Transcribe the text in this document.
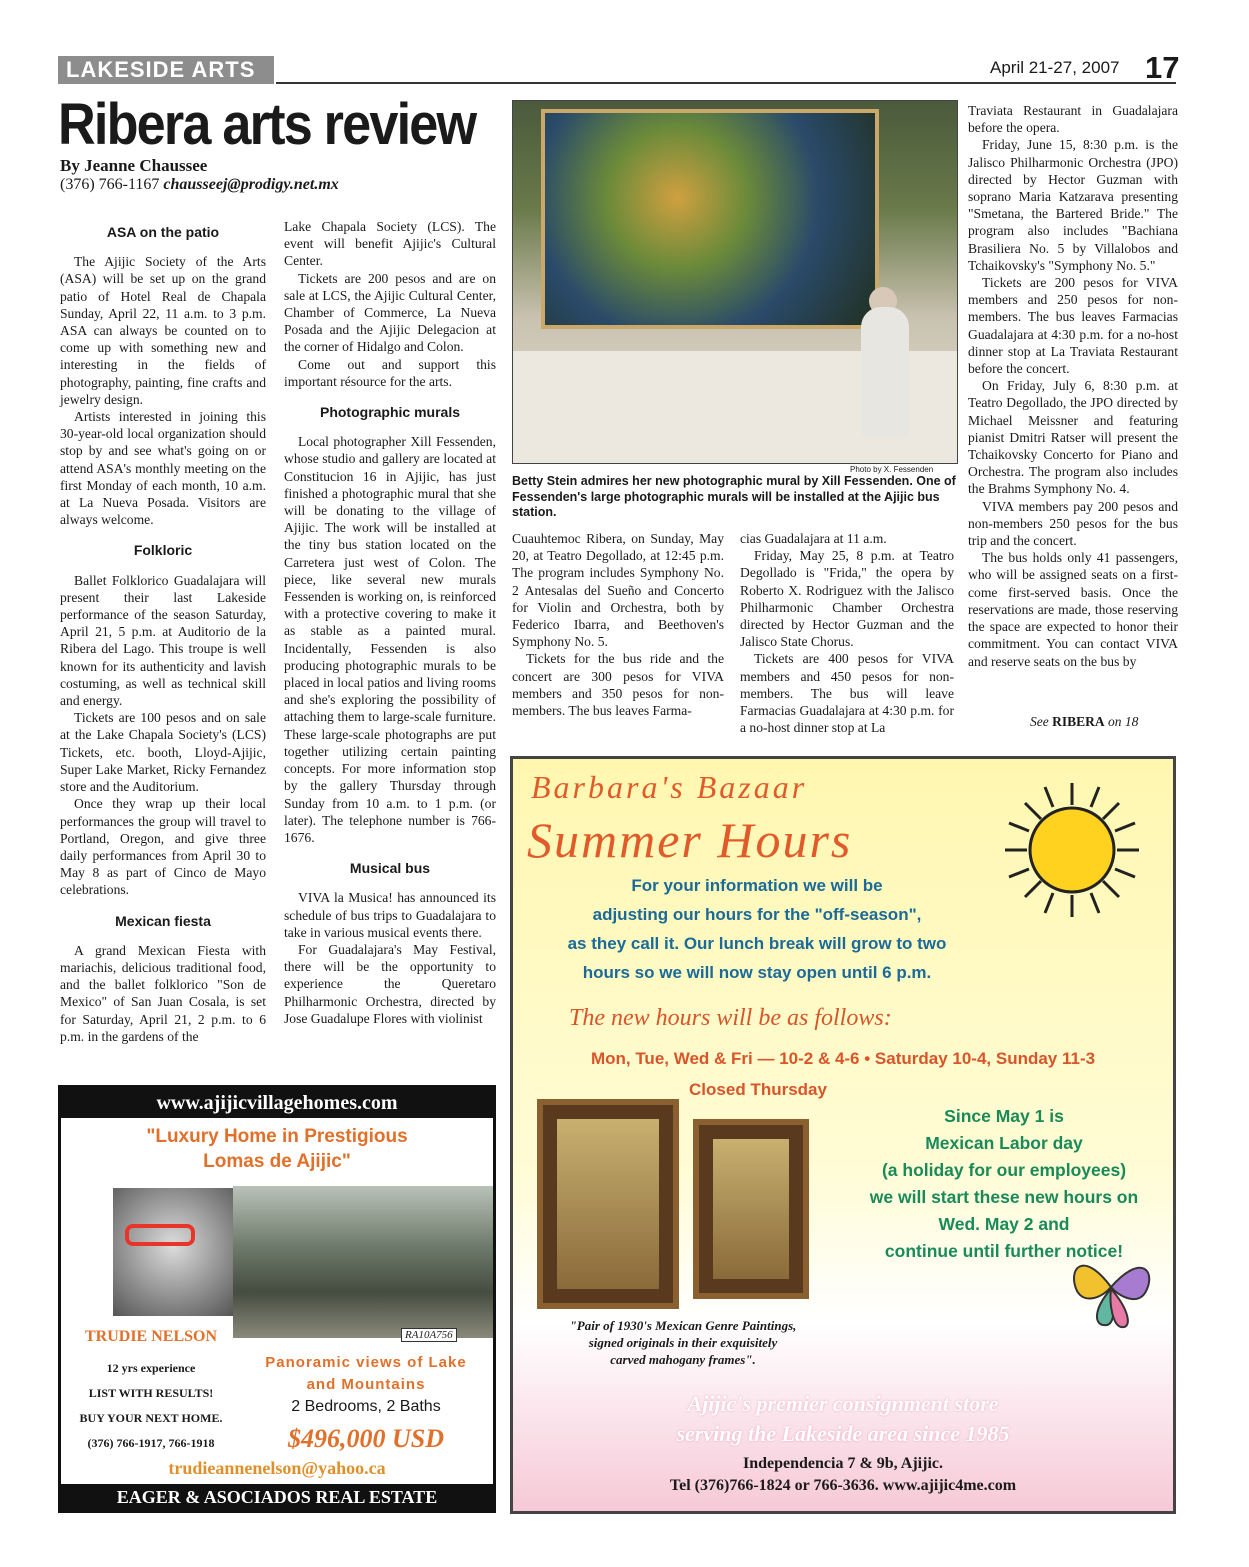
LAKESIDE ARTS	April 21-27, 2007 17
Ribera arts review
By Jeanne Chaussee
(376) 766-1167 chausseej@prodigy.net.mx
ASA on the patio

The Ajijic Society of the Arts (ASA) will be set up on the grand patio of Hotel Real de Chapala Sunday, April 22, 11 a.m. to 3 p.m. ASA can always be counted on to come up with something new and interesting in the fields of photography, painting, fine crafts and jewelry design.

Artists interested in joining this 30-year-old local organization should stop by and see what's going on or attend ASA's monthly meeting on the first Monday of each month, 10 a.m. at La Nueva Posada. Visitors are always welcome.

Folkloric

Ballet Folklorico Guadalajara will present their last Lakeside performance of the season Saturday, April 21, 5 p.m. at Auditorio de la Ribera del Lago. This troupe is well known for its authenticity and lavish costuming, as well as technical skill and energy.

Tickets are 100 pesos and on sale at the Lake Chapala Society's (LCS) Tickets, etc. booth, Lloyd-Ajijic, Super Lake Market, Ricky Fernandez store and the Auditorium.

Once they wrap up their local performances the group will travel to Portland, Oregon, and give three daily performances from April 30 to May 8 as part of Cinco de Mayo celebrations.

Mexican fiesta

A grand Mexican Fiesta with mariachis, delicious traditional food, and the ballet folklorico "Son de Mexico" of San Juan Cosala, is set for Saturday, April 21, 2 p.m. to 6 p.m. in the gardens of the

Lake Chapala Society (LCS). The event will benefit Ajijic's Cultural Center.

Tickets are 200 pesos and are on sale at LCS, the Ajijic Cultural Center, Chamber of Commerce, La Nueva Posada and the Ajijic Delegacion at the corner of Hidalgo and Colon.

Come out and support this important résource for the arts.

Photographic murals

Local photographer Xill Fessenden, whose studio and gallery are located at Constitucion 16 in Ajijic, has just finished a photographic mural that she will be donating to the village of Ajijic. The work will be installed at the tiny bus station located on the Carretera just west of Colon. The piece, like several new murals Fessenden is working on, is reinforced with a protective covering to make it as stable as a painted mural. Incidentally, Fessenden is also producing photographic murals to be placed in local patios and living rooms and she's exploring the possibility of attaching them to large-scale furniture. These large-scale photographs are put together utilizing certain painting concepts. For more information stop by the gallery Thursday through Sunday from 10 a.m. to 1 p.m. (or later). The telephone number is 766-1676.

Musical bus

VIVA la Musica! has announced its schedule of bus trips to Guadalajara to take in various musical events there.

For Guadalajara's May Festival, there will be the opportunity to experience the Queretaro Philharmonic Orchestra, directed by Jose Guadalupe Flores with violinist

Photo by X. Fessenden
Betty Stein admires her new photographic mural by Xill Fessenden. One of Fessenden's large photographic murals will be installed at the Ajijic bus station.

Cuauhtemoc Ribera, on Sunday, May 20, at Teatro Degollado, at 12:45 p.m. The program includes Symphony No. 2 Antesalas del Sueño and Concerto for Violin and Orchestra, both by Federico Ibarra, and Beethoven's Symphony No. 5.

Tickets for the bus ride and the concert are 300 pesos for VIVA members and 350 pesos for non-members. The bus leaves Farma-

cias Guadalajara at 11 a.m.

Friday, May 25, 8 p.m. at Teatro Degollado is "Frida," the opera by Roberto X. Rodriguez with the Jalisco Philharmonic Chamber Orchestra directed by Hector Guzman and the Jalisco State Chorus.

Tickets are 400 pesos for VIVA members and 450 pesos for non-members. The bus will leave Farmacias Guadalajara at 4:30 p.m. for a no-host dinner stop at La

Traviata Restaurant in Guadalajara before the opera.

Friday, June 15, 8:30 p.m. is the Jalisco Philharmonic Orchestra (JPO) directed by Hector Guzman with soprano Maria Katzarava presenting "Smetana, the Bartered Bride." The program also includes "Bachiana Brasiliera No. 5 by Villalobos and Tchaikovsky's "Symphony No. 5."

Tickets are 200 pesos for VIVA members and 250 pesos for non-members. The bus leaves Farmacias Guadalajara at 4:30 p.m. for a no-host dinner stop at La Traviata Restaurant before the concert.

On Friday, July 6, 8:30 p.m. at Teatro Degollado, the JPO directed by Michael Meissner and featuring pianist Dmitri Ratser will present the Tchaikovsky Concerto for Piano and Orchestra. The program also includes the Brahms Symphony No. 4.

VIVA members pay 200 pesos and non-members 250 pesos for the bus trip and the concert.

The bus holds only 41 passengers, who will be assigned seats on a first-come first-served basis. Once the reservations are made, those reserving the space are expected to honor their commitment. You can contact VIVA and reserve seats on the bus by

See RIBERA on 18
www.ajijicvillagehomes.com
"Luxury Home in Prestigious
Lomas de Ajijic"
RA10A756
TRUDIE NELSON
12 yrs experience
LIST WITH RESULTS!
BUY YOUR NEXT HOME.
(376) 766-1917, 766-1918
Panoramic views of Lake
and Mountains
2 Bedrooms, 2 Baths
$496,000 USD
trudieannenelson@yahoo.ca
EAGER & ASOCIADOS REAL ESTATE
Barbara's Bazaar
Summer Hours
For your information we will be
adjusting our hours for the "off-season",
as they call it. Our lunch break will grow to two
hours so we will now stay open until 6 p.m.
The new hours will be as follows:
Mon, Tue, Wed & Fri — 10-2 & 4-6 • Saturday 10-4, Sunday 11-3
Closed Thursday
"Pair of 1930's Mexican Genre Paintings,
signed originals in their exquisitely
carved mahogany frames".
Since May 1 is
Mexican Labor day
(a holiday for our employees)
we will start these new hours on
Wed. May 2 and
continue until further notice!
Ajijic's premier consignment store
serving the Lakeside area since 1985
Independencia 7 & 9b, Ajijic.
Tel (376)766-1824 or 766-3636. www.ajijic4me.com
